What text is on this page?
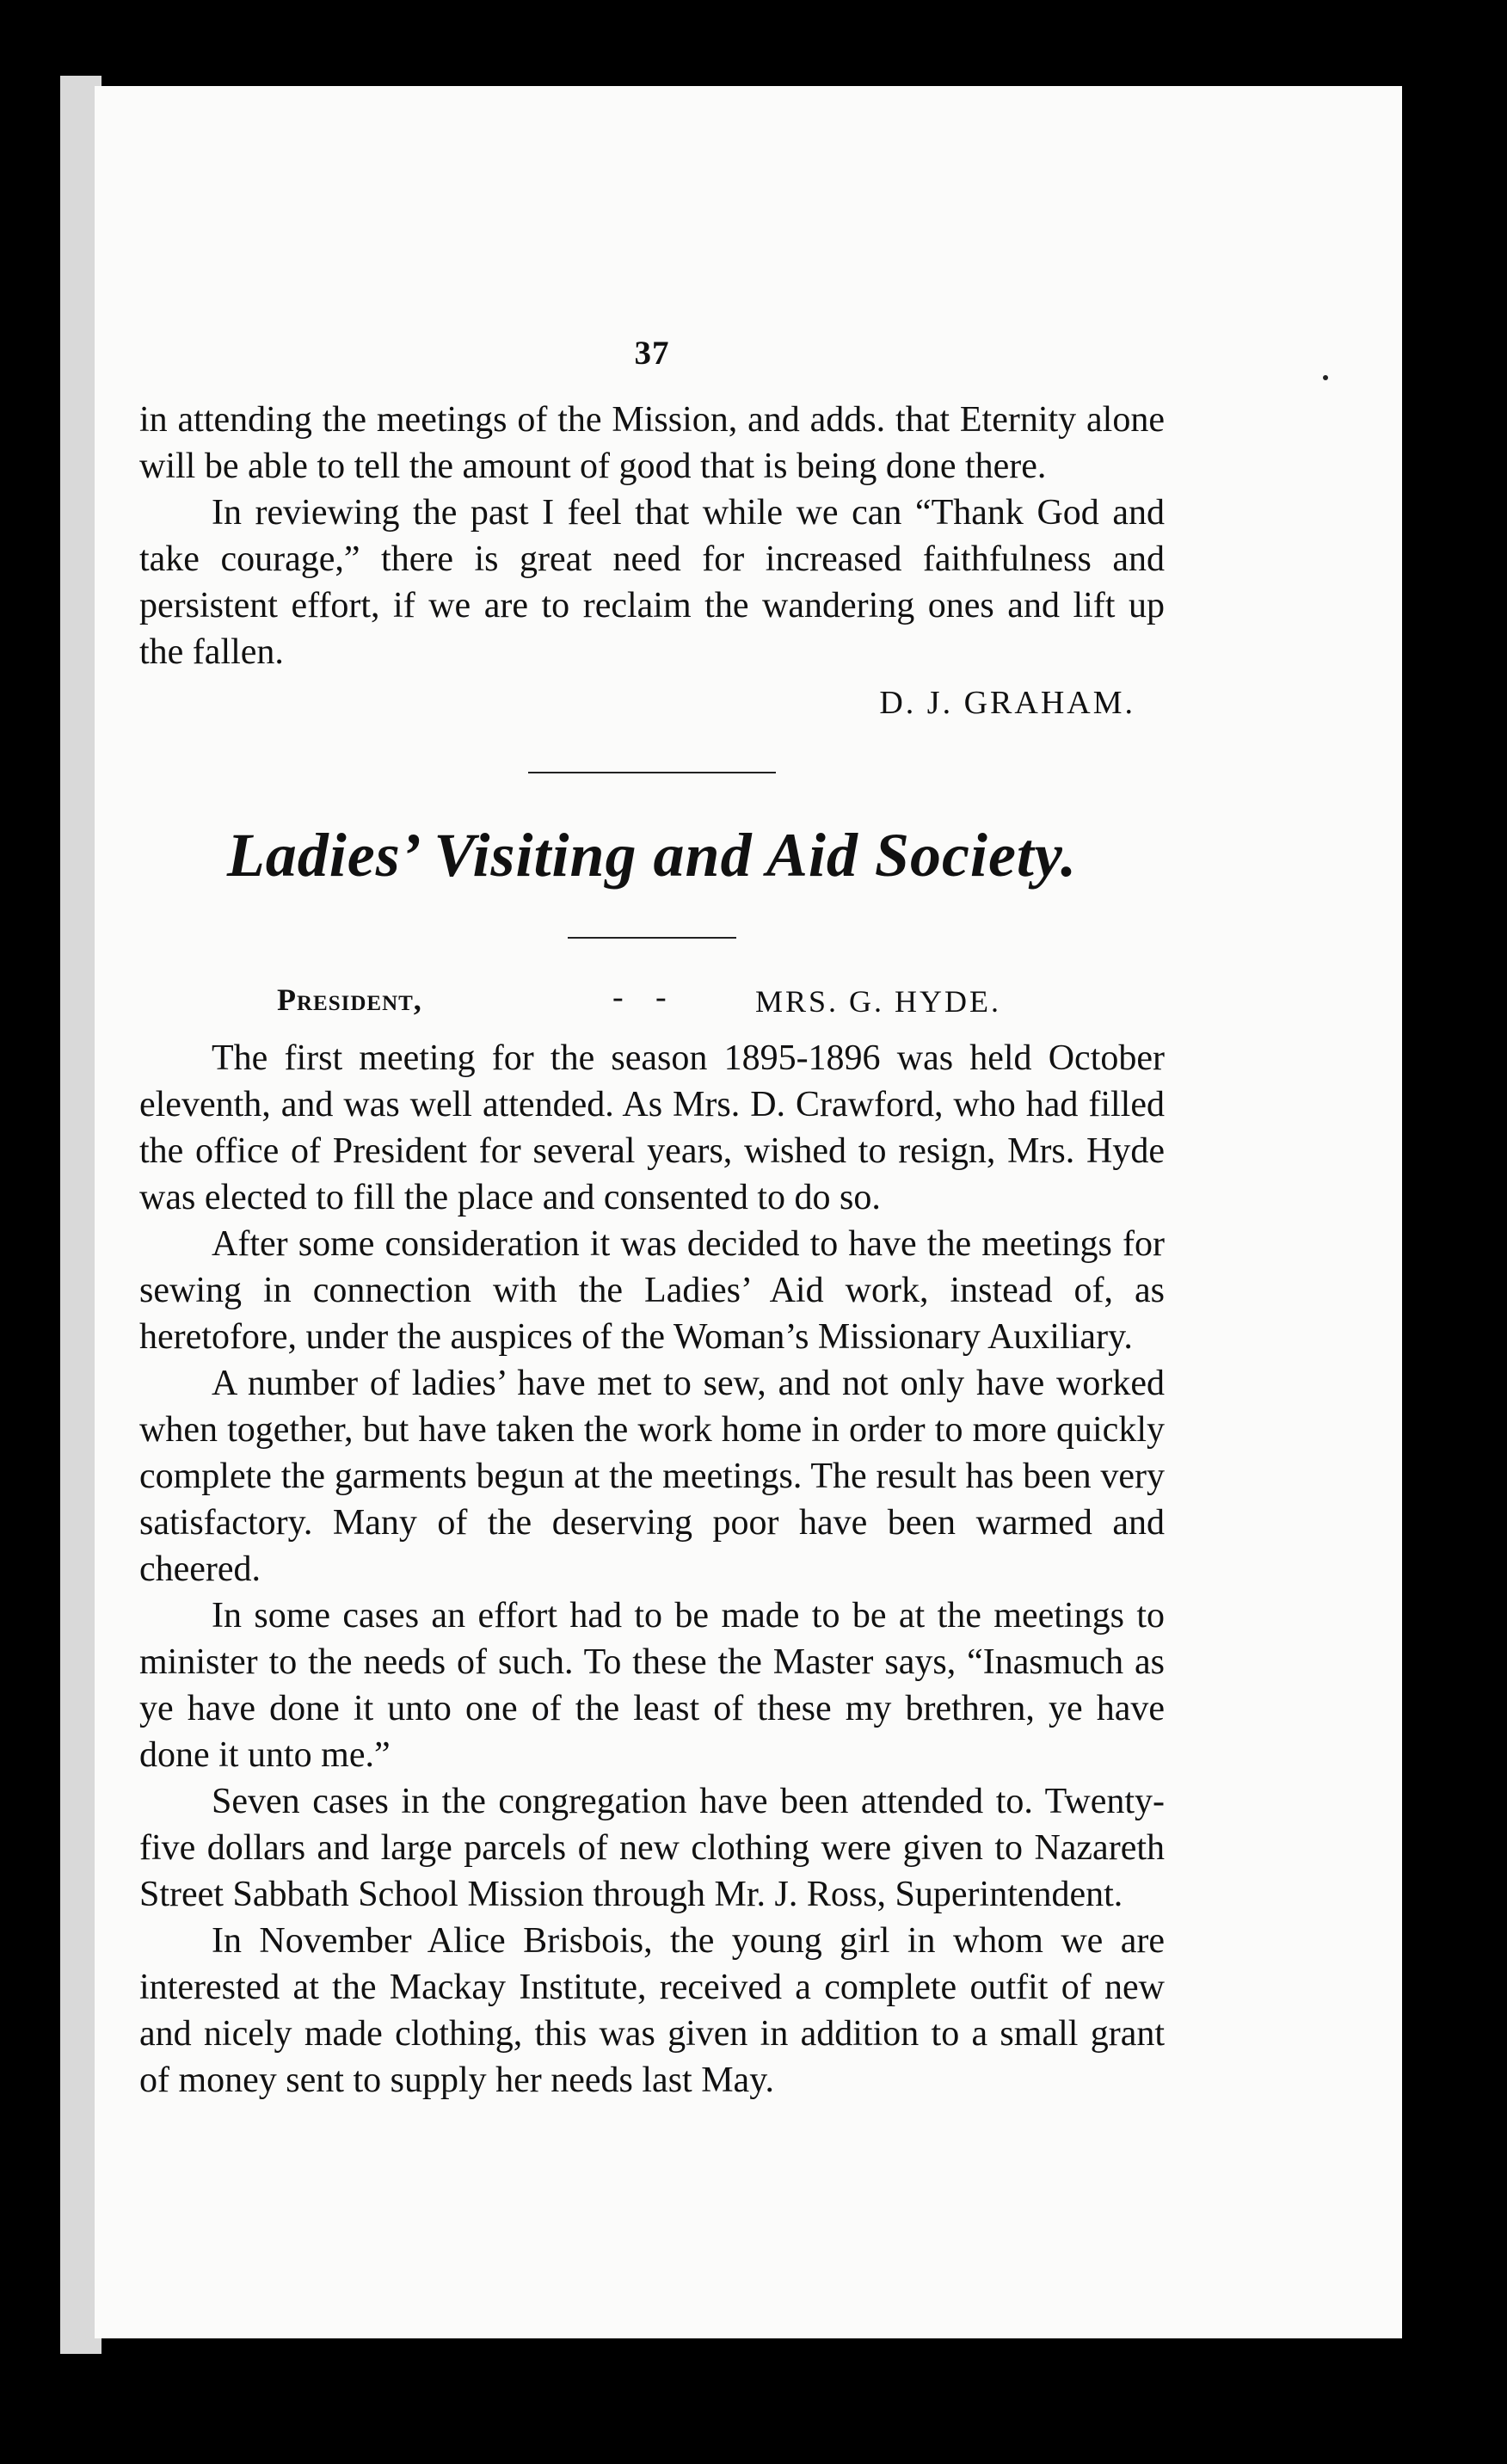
37

in attending the meetings of the Mission, and adds. that Eternity alone will be able to tell the amount of good that is being done there.

In reviewing the past I feel that while we can “Thank God and take courage,” there is great need for increased faithfulness and persistent effort, if we are to reclaim the wandering ones and lift up the fallen.

D. J. GRAHAM.
Ladies’ Visiting and Aid Society.
President,	- -	MRS. G. HYDE.

The first meeting for the season 1895-1896 was held October eleventh, and was well attended. As Mrs. D. Crawford, who had filled the office of President for several years, wished to resign, Mrs. Hyde was elected to fill the place and consented to do so.

After some consideration it was decided to have the meetings for sewing in connection with the Ladies’ Aid work, instead of, as heretofore, under the auspices of the Woman’s Missionary Auxiliary.

A number of ladies’ have met to sew, and not only have worked when together, but have taken the work home in order to more quickly complete the garments begun at the meetings. The result has been very satisfactory. Many of the deserving poor have been warmed and cheered.

In some cases an effort had to be made to be at the meetings to minister to the needs of such. To these the Master says, “Inasmuch as ye have done it unto one of the least of these my brethren, ye have done it unto me.”

Seven cases in the congregation have been attended to. Twenty-five dollars and large parcels of new clothing were given to Nazareth Street Sabbath School Mission through Mr. J. Ross, Superintendent.

In November Alice Brisbois, the young girl in whom we are interested at the Mackay Institute, received a complete outfit of new and nicely made clothing, this was given in addition to a small grant of money sent to supply her needs last May.
